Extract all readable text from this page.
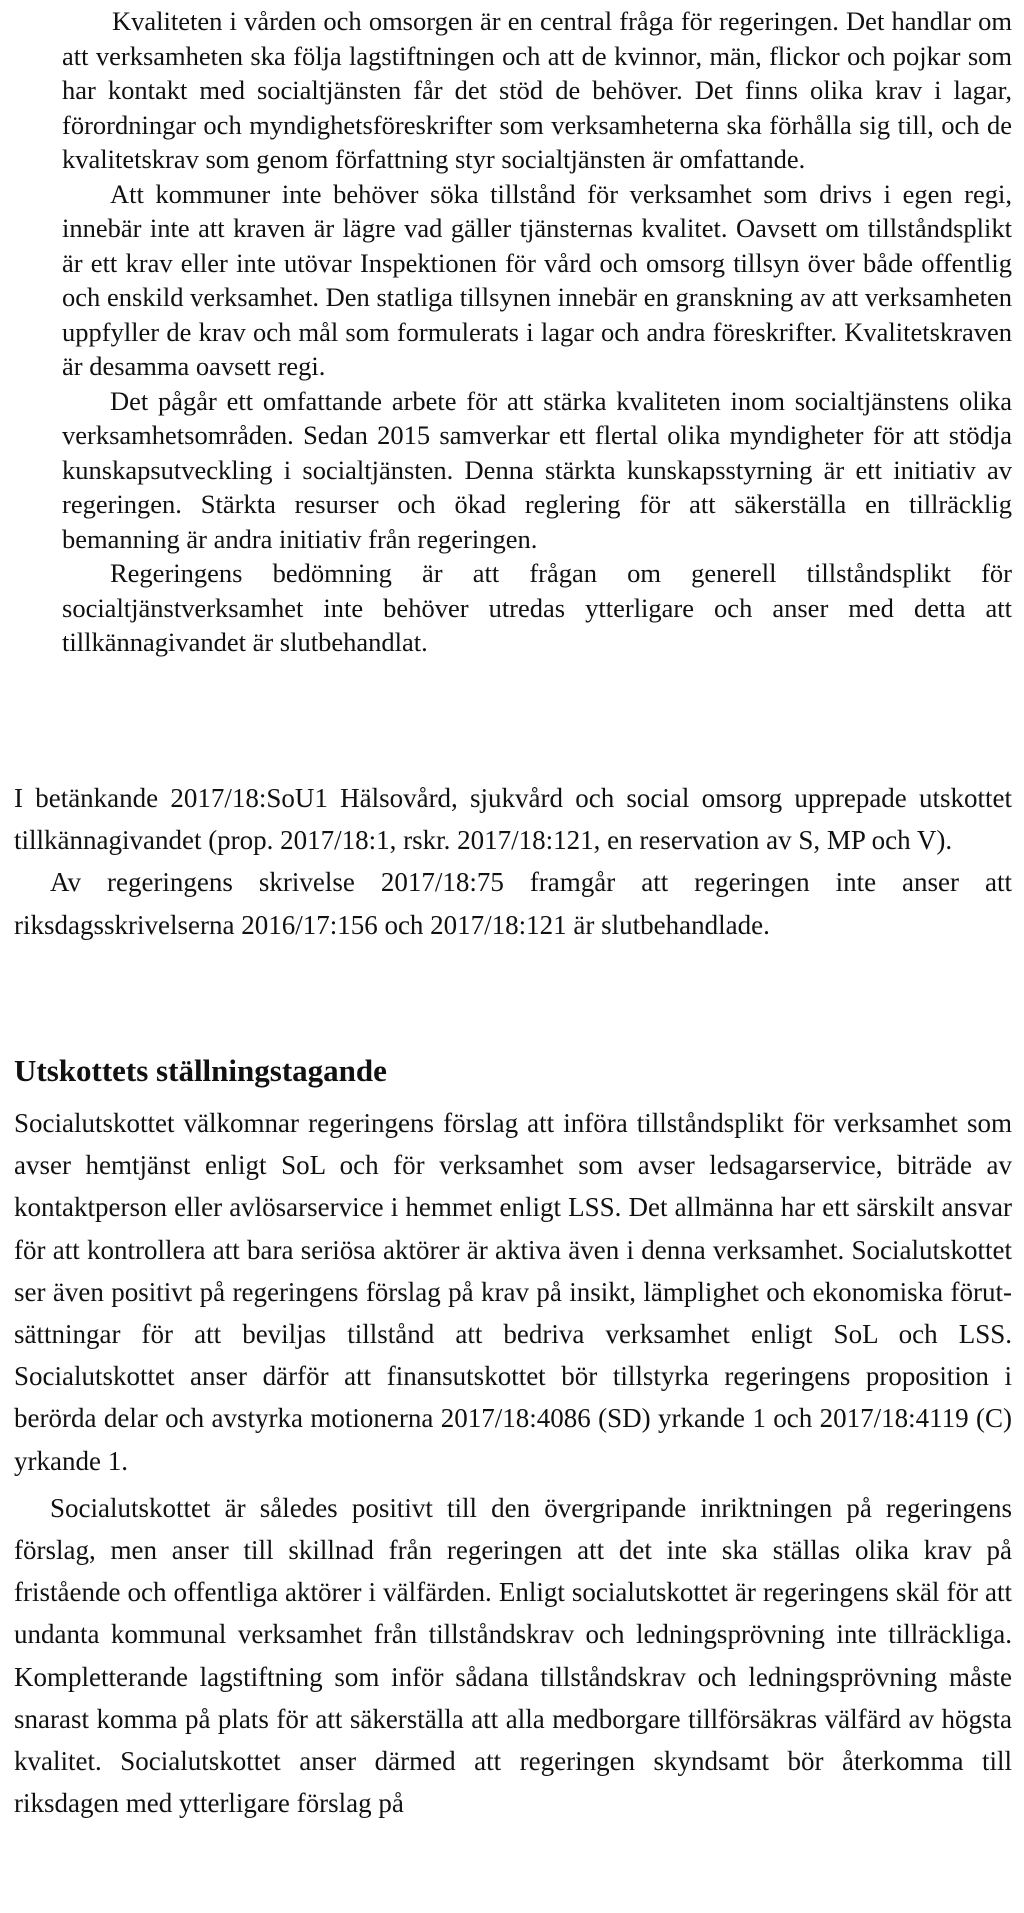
Kvaliteten i vården och omsorgen är en central fråga för regeringen. Det handlar om att verksamheten ska följa lagstiftningen och att de kvinnor, män, flickor och pojkar som har kontakt med socialtjänsten får det stöd de behöver. Det finns olika krav i lagar, förordningar och myndighetsföreskrifter som verksamheterna ska förhålla sig till, och de kvalitetskrav som genom författning styr socialtjänsten är omfattande.

Att kommuner inte behöver söka tillstånd för verksamhet som drivs i egen regi, innebär inte att kraven är lägre vad gäller tjänsternas kvalitet. Oavsett om tillståndsplikt är ett krav eller inte utövar Inspektionen för vård och omsorg tillsyn över både offentlig och enskild verksamhet. Den statliga tillsynen innebär en granskning av att verksamheten uppfyller de krav och mål som formulerats i lagar och andra föreskrifter. Kvalitetskraven är desamma oavsett regi.

Det pågår ett omfattande arbete för att stärka kvaliteten inom socialtjänstens olika verksamhetsområden. Sedan 2015 samverkar ett flertal olika myndigheter för att stödja kunskapsutveckling i socialtjänsten. Denna stärkta kunskapsstyrning är ett initiativ av regeringen. Stärkta resurser och ökad reglering för att säkerställa en tillräcklig bemanning är andra initiativ från regeringen.

Regeringens bedömning är att frågan om generell tillståndsplikt för socialtjänstverksamhet inte behöver utredas ytterligare och anser med detta att tillkännagivandet är slutbehandlat.

I betänkande 2017/18:SoU1 Hälsovård, sjukvård och social omsorg upprepade utskottet tillkännagivandet (prop. 2017/18:1, rskr. 2017/18:121, en reservation av S, MP och V).

Av regeringens skrivelse 2017/18:75 framgår att regeringen inte anser att riksdagsskrivelserna 2016/17:156 och 2017/18:121 är slutbehandlade.

Utskottets ställningstagande

Socialutskottet välkomnar regeringens förslag att införa tillståndsplikt för verksamhet som avser hemtjänst enligt SoL och för verksamhet som avser ledsagarservice, biträde av kontaktperson eller avlösarservice i hemmet enligt LSS. Det allmänna har ett särskilt ansvar för att kontrollera att bara seriösa aktörer är aktiva även i denna verksamhet. Socialutskottet ser även positivt på regeringens förslag på krav på insikt, lämplighet och ekonomiska förutsättningar för att beviljas tillstånd att bedriva verksamhet enligt SoL och LSS. Socialutskottet anser därför att finansutskottet bör tillstyrka regeringens proposition i berörda delar och avstyrka motionerna 2017/18:4086 (SD) yrkande 1 och 2017/18:4119 (C) yrkande 1.

Socialutskottet är således positivt till den övergripande inriktningen på regeringens förslag, men anser till skillnad från regeringen att det inte ska ställas olika krav på fristående och offentliga aktörer i välfärden. Enligt socialutskottet är regeringens skäl för att undanta kommunal verksamhet från tillståndskrav och ledningsprövning inte tillräckliga. Kompletterande lagstiftning som inför sådana tillståndskrav och ledningsprövning måste snarast komma på plats för att säkerställa att alla medborgare tillförsäkras välfärd av högsta kvalitet. Socialutskottet anser därmed att regeringen skyndsamt bör återkomma till riksdagen med ytterligare förslag på
